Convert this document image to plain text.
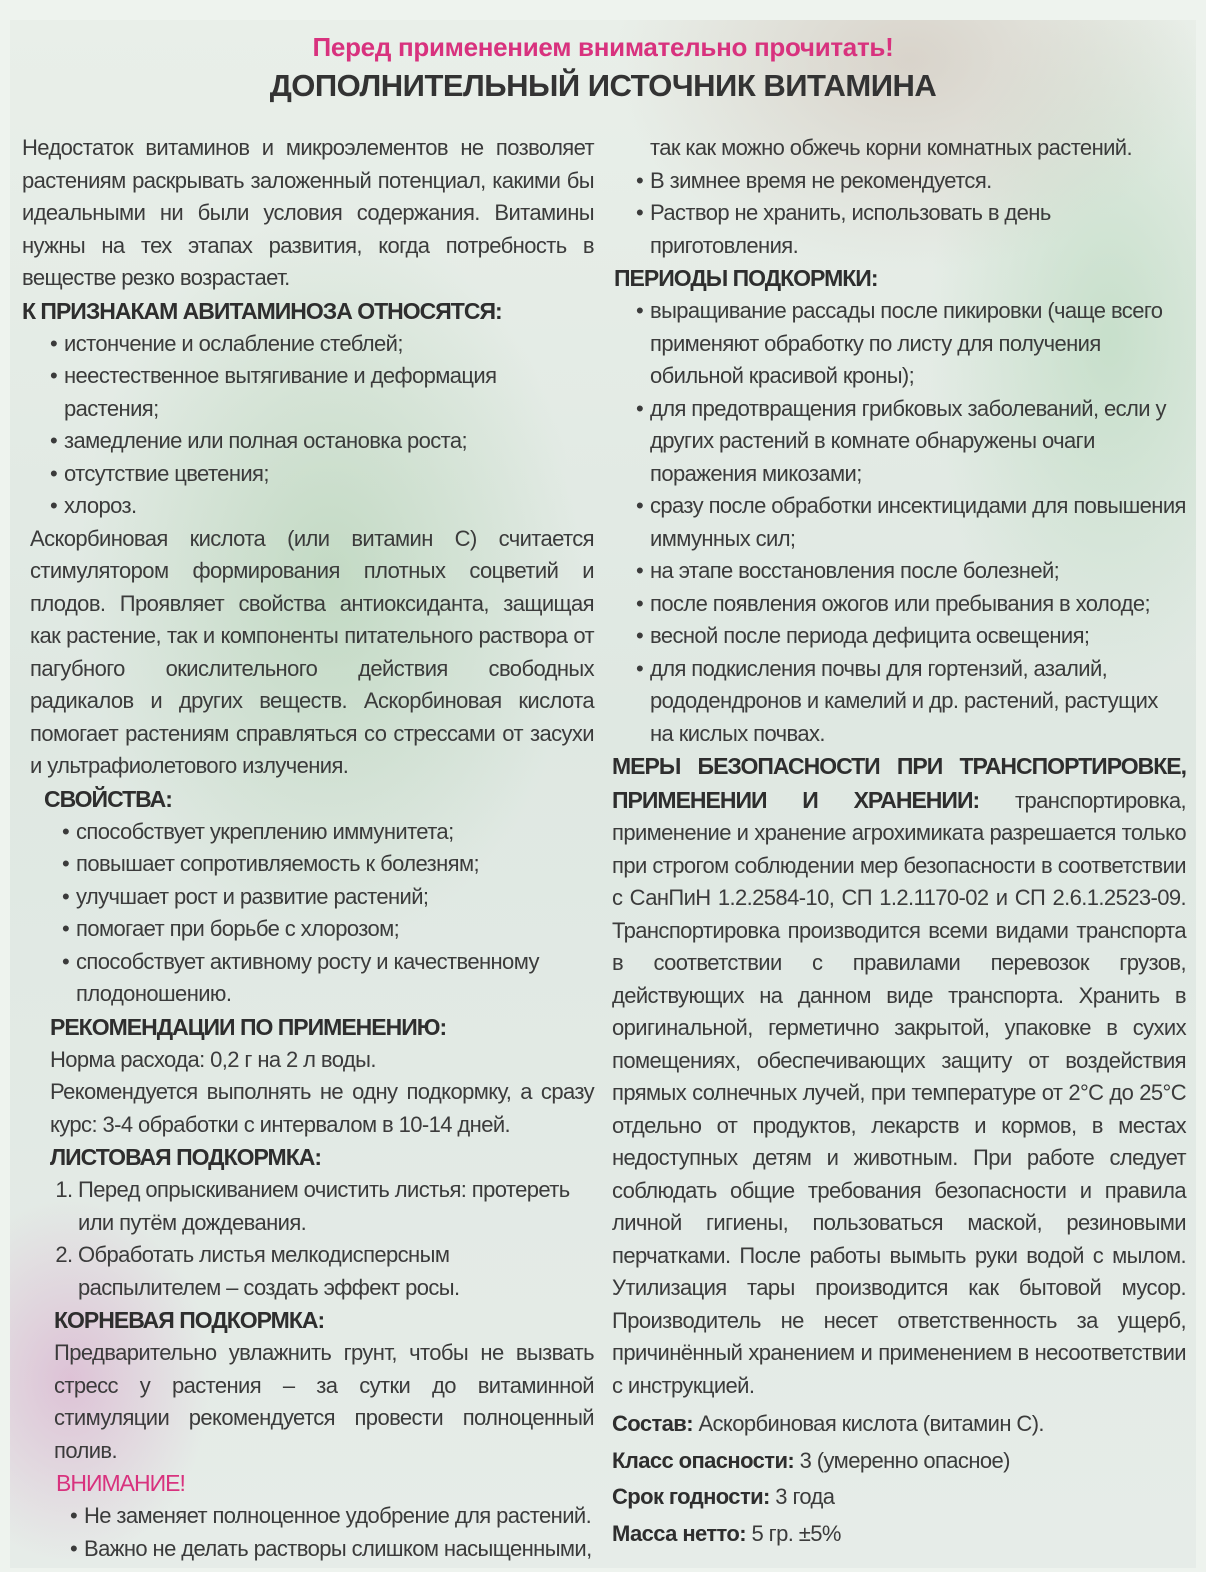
Перед применением внимательно прочитать!
ДОПОЛНИТЕЛЬНЫЙ ИСТОЧНИК ВИТАМИНА

Недостаток витаминов и микроэлементов не позволяет растениям раскрывать заложенный потенциал, какими бы идеальными ни были условия содержания. Витамины нужны на тех этапах развития, когда потребность в веществе резко возрастает.

К ПРИЗНАКАМ АВИТАМИНОЗА ОТНОСЯТСЯ:
• истончение и ослабление стеблей;
• неестественное вытягивание и деформация растения;
• замедление или полная остановка роста;
• отсутствие цветения;
• хлороз.

Аскорбиновая кислота (или витамин С) считается стимулятором формирования плотных соцветий и плодов. Проявляет свойства антиоксиданта, защищая как растение, так и компоненты питательного раствора от пагубного окислительного действия свободных радикалов и других веществ. Аскорбиновая кислота помогает растениям справляться со стрессами от засухи и ультрафиолетового излучения.

СВОЙСТВА:
• способствует укреплению иммунитета;
• повышает сопротивляемость к болезням;
• улучшает рост и развитие растений;
• помогает при борьбе с хлорозом;
• способствует активному росту и качественному плодоношению.
РЕКОМЕНДАЦИИ ПО ПРИМЕНЕНИЮ:

Норма расхода: 0,2 г на 2 л воды.

Рекомендуется выполнять не одну подкормку, а сразу курс: 3-4 обработки с интервалом в 10-14 дней.

ЛИСТОВАЯ ПОДКОРМКА:
1. Перед опрыскиванием очистить листья: протереть или путём дождевания.
2. Обработать листья мелкодисперсным распылителем – создать эффект росы.
КОРНЕВАЯ ПОДКОРМКА:

Предварительно увлажнить грунт, чтобы не вызвать стресс у растения – за сутки до витаминной стимуляции рекомендуется провести полноценный полив.

ВНИМАНИЕ!
• Не заменяет полноценное удобрение для растений.
• Важно не делать растворы слишком насыщенными,

так как можно обжечь корни комнатных растений.

• В зимнее время не рекомендуется.
• Раствор не хранить, использовать в день приготовления.
ПЕРИОДЫ ПОДКОРМКИ:
• выращивание рассады после пикировки (чаще всего применяют обработку по листу для получения обильной красивой кроны);
• для предотвращения грибковых заболеваний, если у других растений в комнате обнаружены очаги поражения микозами;
• сразу после обработки инсектицидами для повышения иммунных сил;
• на этапе восстановления после болезней;
• после появления ожогов или пребывания в холоде;
• весной после периода дефицита освещения;
• для подкисления почвы для гортензий, азалий, рододендронов и камелий и др. растений, растущих на кислых почвах.

МЕРЫ БЕЗОПАСНОСТИ ПРИ ТРАНСПОРТИРОВКЕ, ПРИМЕНЕНИИ И ХРАНЕНИИ: транспортировка, применение и хранение агрохимиката разрешается только при строгом соблюдении мер безопасности в соответствии с СанПиН 1.2.2584-10, СП 1.2.1170-02 и СП 2.6.1.2523-09. Транспортировка производится всеми видами транспорта в соответствии с правилами перевозок грузов, действующих на данном виде транспорта. Хранить в оригинальной, герметично закрытой, упаковке в сухих помещениях, обеспечивающих защиту от воздействия прямых солнечных лучей, при температуре от 2°С до 25°С отдельно от продуктов, лекарств и кормов, в местах недоступных детям и животным. При работе следует соблюдать общие требования безопасности и правила личной гигиены, пользоваться маской, резиновыми перчатками. После работы вымыть руки водой с мылом. Утилизация тары производится как бытовой мусор. Производитель не несет ответственность за ущерб, причинённый хранением и применением в несоответствии с инструкцией.

Состав: Аскорбиновая кислота (витамин С).

Класс опасности: 3 (умеренно опасное)

Срок годности: 3 года

Масса нетто: 5 гр. ±5%
